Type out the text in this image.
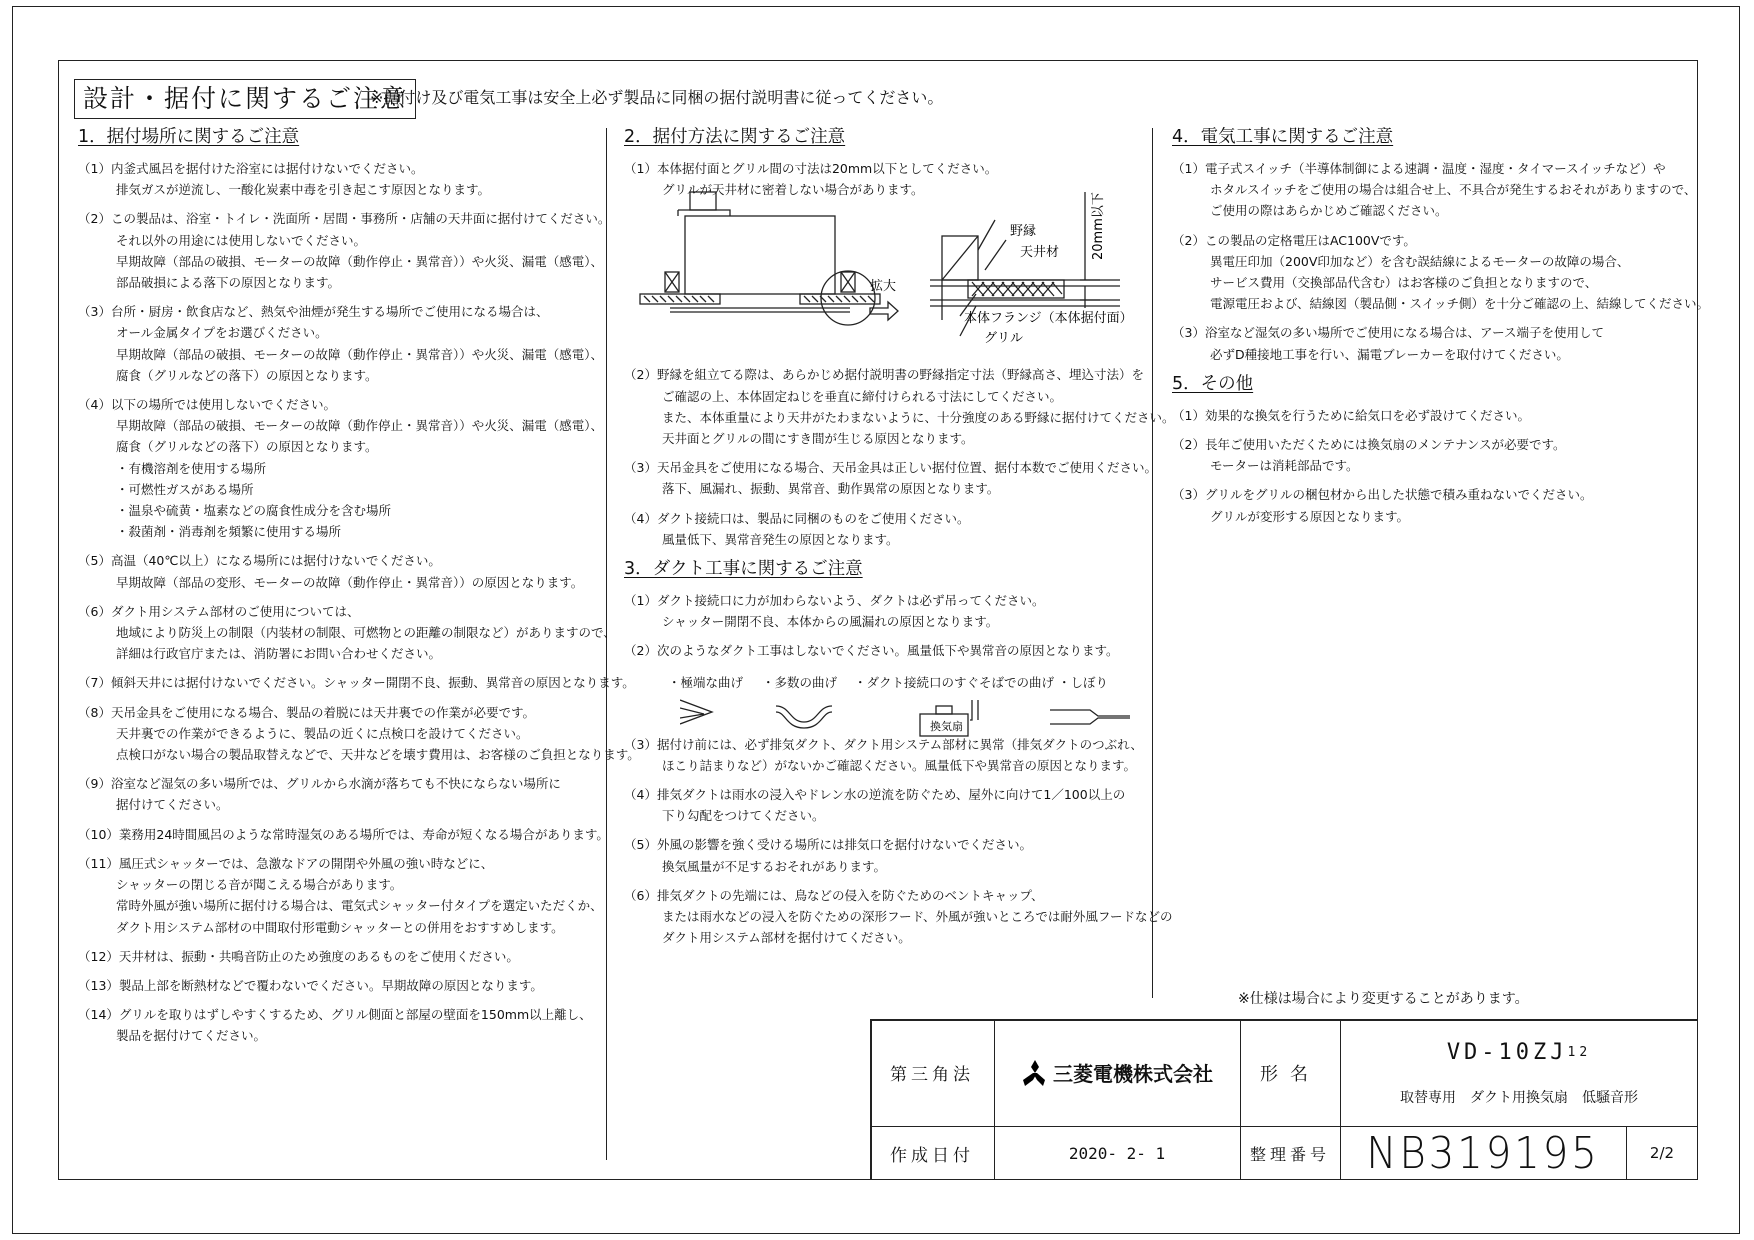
設計・据付に関するご注意
※据付け及び電気工事は安全上必ず製品に同梱の据付説明書に従ってください。

1．据付場所に関するご注意

（1）内釜式風呂を据付けた浴室には据付けないでください。
排気ガスが逆流し、一酸化炭素中毒を引き起こす原因となります。
（2）この製品は、浴室・トイレ・洗面所・居間・事務所・店舗の天井面に据付けてください。
それ以外の用途には使用しないでください。
早期故障（部品の破損、モーターの故障（動作停止・異常音））や火災、漏電（感電）、
部品破損による落下の原因となります。
（3）台所・厨房・飲食店など、熱気や油煙が発生する場所でご使用になる場合は、
オール金属タイプをお選びください。
早期故障（部品の破損、モーターの故障（動作停止・異常音））や火災、漏電（感電）、
腐食（グリルなどの落下）の原因となります。
（4）以下の場所では使用しないでください。
早期故障（部品の破損、モーターの故障（動作停止・異常音））や火災、漏電（感電）、
腐食（グリルなどの落下）の原因となります。
・有機溶剤を使用する場所
・可燃性ガスがある場所
・温泉や硫黄・塩素などの腐食性成分を含む場所
・殺菌剤・消毒剤を頻繁に使用する場所
（5）高温（40℃以上）になる場所には据付けないでください。
早期故障（部品の変形、モーターの故障（動作停止・異常音））の原因となります。
（6）ダクト用システム部材のご使用については、
地域により防災上の制限（内装材の制限、可燃物との距離の制限など）がありますので、
詳細は行政官庁または、消防署にお問い合わせください。
（7）傾斜天井には据付けないでください。シャッター開閉不良、振動、異常音の原因となります。
（8）天吊金具をご使用になる場合、製品の着脱には天井裏での作業が必要です。
天井裏での作業ができるように、製品の近くに点検口を設けてください。
点検口がない場合の製品取替えなどで、天井などを壊す費用は、お客様のご負担となります。
（9）浴室など湿気の多い場所では、グリルから水滴が落ちても不快にならない場所に
据付けてください。
（10）業務用24時間風呂のような常時湿気のある場所では、寿命が短くなる場合があります。
（11）風圧式シャッターでは、急激なドアの開閉や外風の強い時などに、
シャッターの閉じる音が聞こえる場合があります。
常時外風が強い場所に据付ける場合は、電気式シャッター付タイプを選定いただくか、
ダクト用システム部材の中間取付形電動シャッターとの併用をおすすめします。
（12）天井材は、振動・共鳴音防止のため強度のあるものをご使用ください。
（13）製品上部を断熱材などで覆わないでください。早期故障の原因となります。
（14）グリルを取りはずしやすくするため、グリル側面と部屋の壁面を150mm以上離し、
製品を据付けてください。

2．据付方法に関するご注意

（1）本体据付面とグリル間の寸法は20mm以下としてください。
グリルが天井材に密着しない場合があります。
（2）野縁を組立てる際は、あらかじめ据付説明書の野縁指定寸法（野縁高さ、埋込寸法）を
ご確認の上、本体固定ねじを垂直に締付けられる寸法にしてください。
また、本体重量により天井がたわまないように、十分強度のある野縁に据付けてください。
天井面とグリルの間にすき間が生じる原因となります。
（3）天吊金具をご使用になる場合、天吊金具は正しい据付位置、据付本数でご使用ください。
落下、風漏れ、振動、異常音、動作異常の原因となります。
（4）ダクト接続口は、製品に同梱のものをご使用ください。
風量低下、異常音発生の原因となります。

3．ダクト工事に関するご注意

（1）ダクト接続口に力が加わらないよう、ダクトは必ず吊ってください。
シャッター開閉不良、本体からの風漏れの原因となります。
（2）次のようなダクト工事はしないでください。風量低下や異常音の原因となります。
（3）据付け前には、必ず排気ダクト、ダクト用システム部材に異常（排気ダクトのつぶれ、
ほこり詰まりなど）がないかご確認ください。風量低下や異常音の原因となります。
（4）排気ダクトは雨水の浸入やドレン水の逆流を防ぐため、屋外に向けて1／100以上の
下り勾配をつけてください。
（5）外風の影響を強く受ける場所には排気口を据付けないでください。
換気風量が不足するおそれがあります。
（6）排気ダクトの先端には、鳥などの侵入を防ぐためのベントキャップ、
または雨水などの浸入を防ぐための深形フード、外風が強いところでは耐外風フードなどの
ダクト用システム部材を据付けてください。
野縁
天井材 20mm以下
拡大
本体フランジ（本体据付面）
グリル
・極端な曲げ ・多数の曲げ ・ダクト接続口のすぐそばでの曲げ ・しぼり
換気扇

4．電気工事に関するご注意

（1）電子式スイッチ（半導体制御による速調・温度・湿度・タイマースイッチなど）や
ホタルスイッチをご使用の場合は組合せ上、不具合が発生するおそれがありますので、
ご使用の際はあらかじめご確認ください。
（2）この製品の定格電圧はAC100Vです。
異電圧印加（200V印加など）を含む誤結線によるモーターの故障の場合、
サービス費用（交換部品代含む）はお客様のご負担となりますので、
電源電圧および、結線図（製品側・スイッチ側）を十分ご確認の上、結線してください。
（3）浴室など湿気の多い場所でご使用になる場合は、アース端子を使用して
必ずD種接地工事を行い、漏電ブレーカーを取付けてください。

5．その他

（1）効果的な換気を行うために給気口を必ず設けてください。
（2）長年ご使用いただくためには換気扇のメンテナンスが必要です。
モーターは消耗部品です。
（3）グリルをグリルの梱包材から出した状態で積み重ねないでください。
グリルが変形する原因となります。
※仕様は場合により変更することがあります。
第三角法	三菱電機株式会社	形名
VD-10ZJ 12
取替専用　ダクト用換気扇　低騒音形
作成日付	2020- 2- 1	整理番号 NB319195	2/2
